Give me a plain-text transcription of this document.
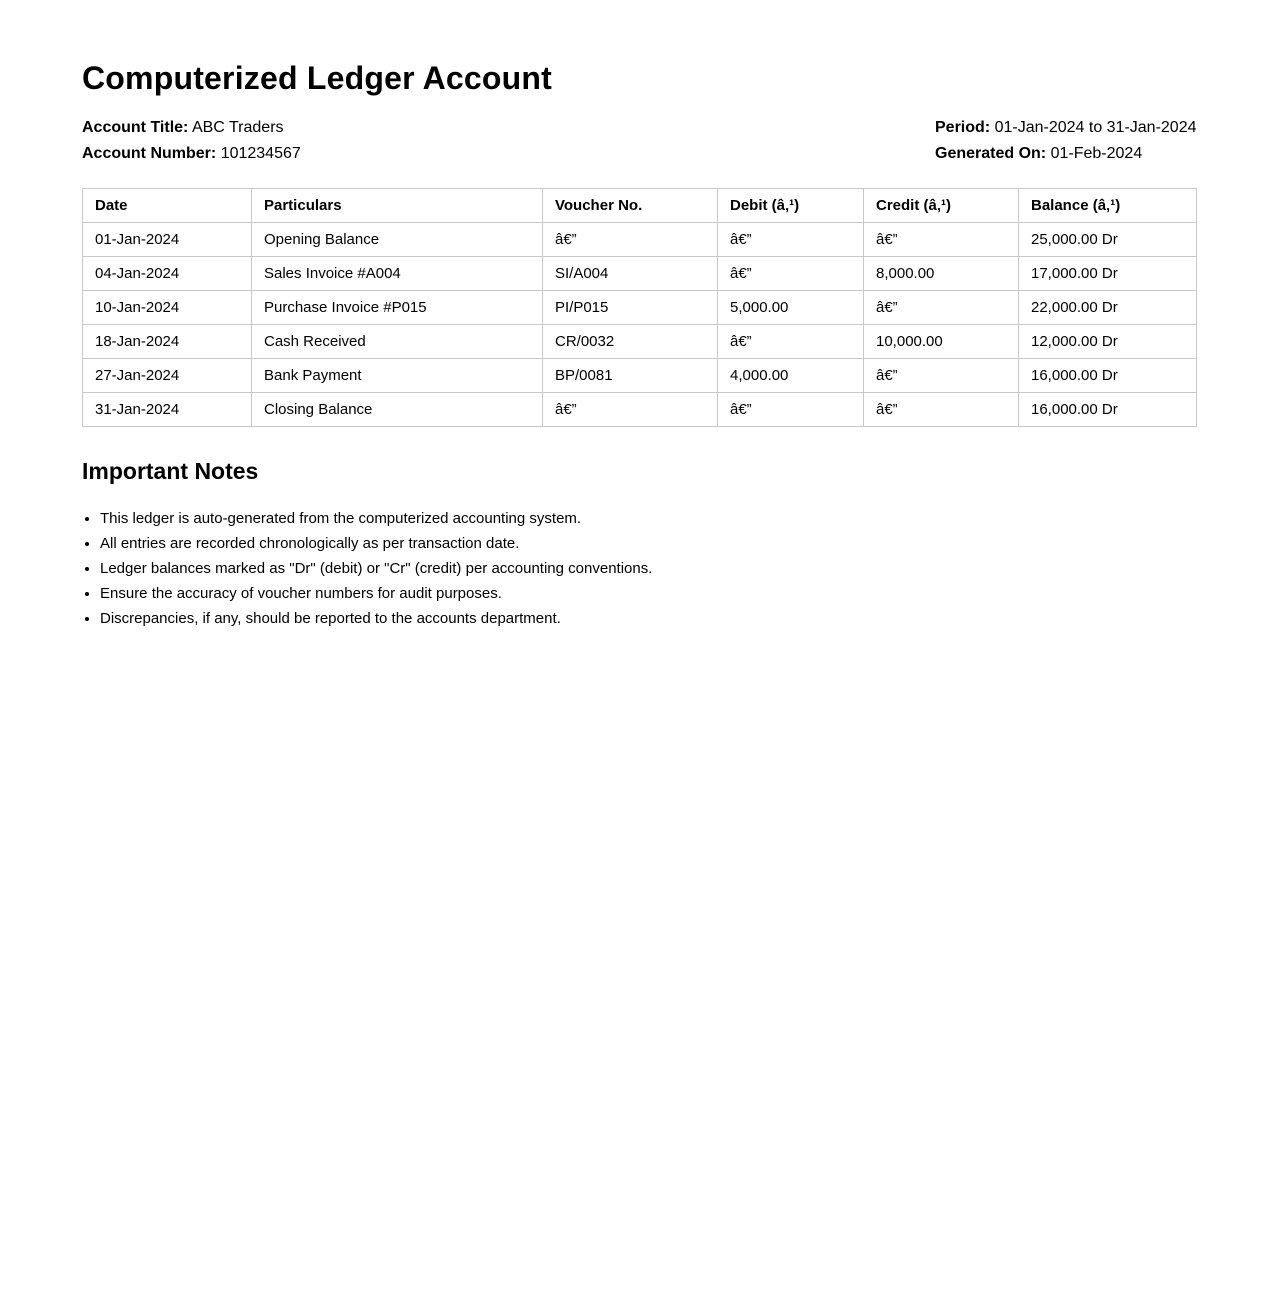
Computerized Ledger Account
Account Title: ABC Traders
Account Number: 101234567
Period: 01-Jan-2024 to 31-Jan-2024
Generated On: 01-Feb-2024
Date	Particulars	Voucher No.	Debit (â‚¹)	Credit (â‚¹)	Balance (â‚¹)
01-Jan-2024	Opening Balance	â€”	â€”	â€”	25,000.00 Dr
04-Jan-2024	Sales Invoice #A004	SI/A004	â€”	8,000.00	17,000.00 Dr
10-Jan-2024	Purchase Invoice #P015	PI/P015	5,000.00	â€”	22,000.00 Dr
18-Jan-2024	Cash Received	CR/0032	â€”	10,000.00	12,000.00 Dr
27-Jan-2024	Bank Payment	BP/0081	4,000.00	â€”	16,000.00 Dr
31-Jan-2024	Closing Balance	â€”	â€”	â€”	16,000.00 Dr
Important Notes
• This ledger is auto-generated from the computerized accounting system.
• All entries are recorded chronologically as per transaction date.
• Ledger balances marked as "Dr" (debit) or "Cr" (credit) per accounting conventions.
• Ensure the accuracy of voucher numbers for audit purposes.
• Discrepancies, if any, should be reported to the accounts department.
